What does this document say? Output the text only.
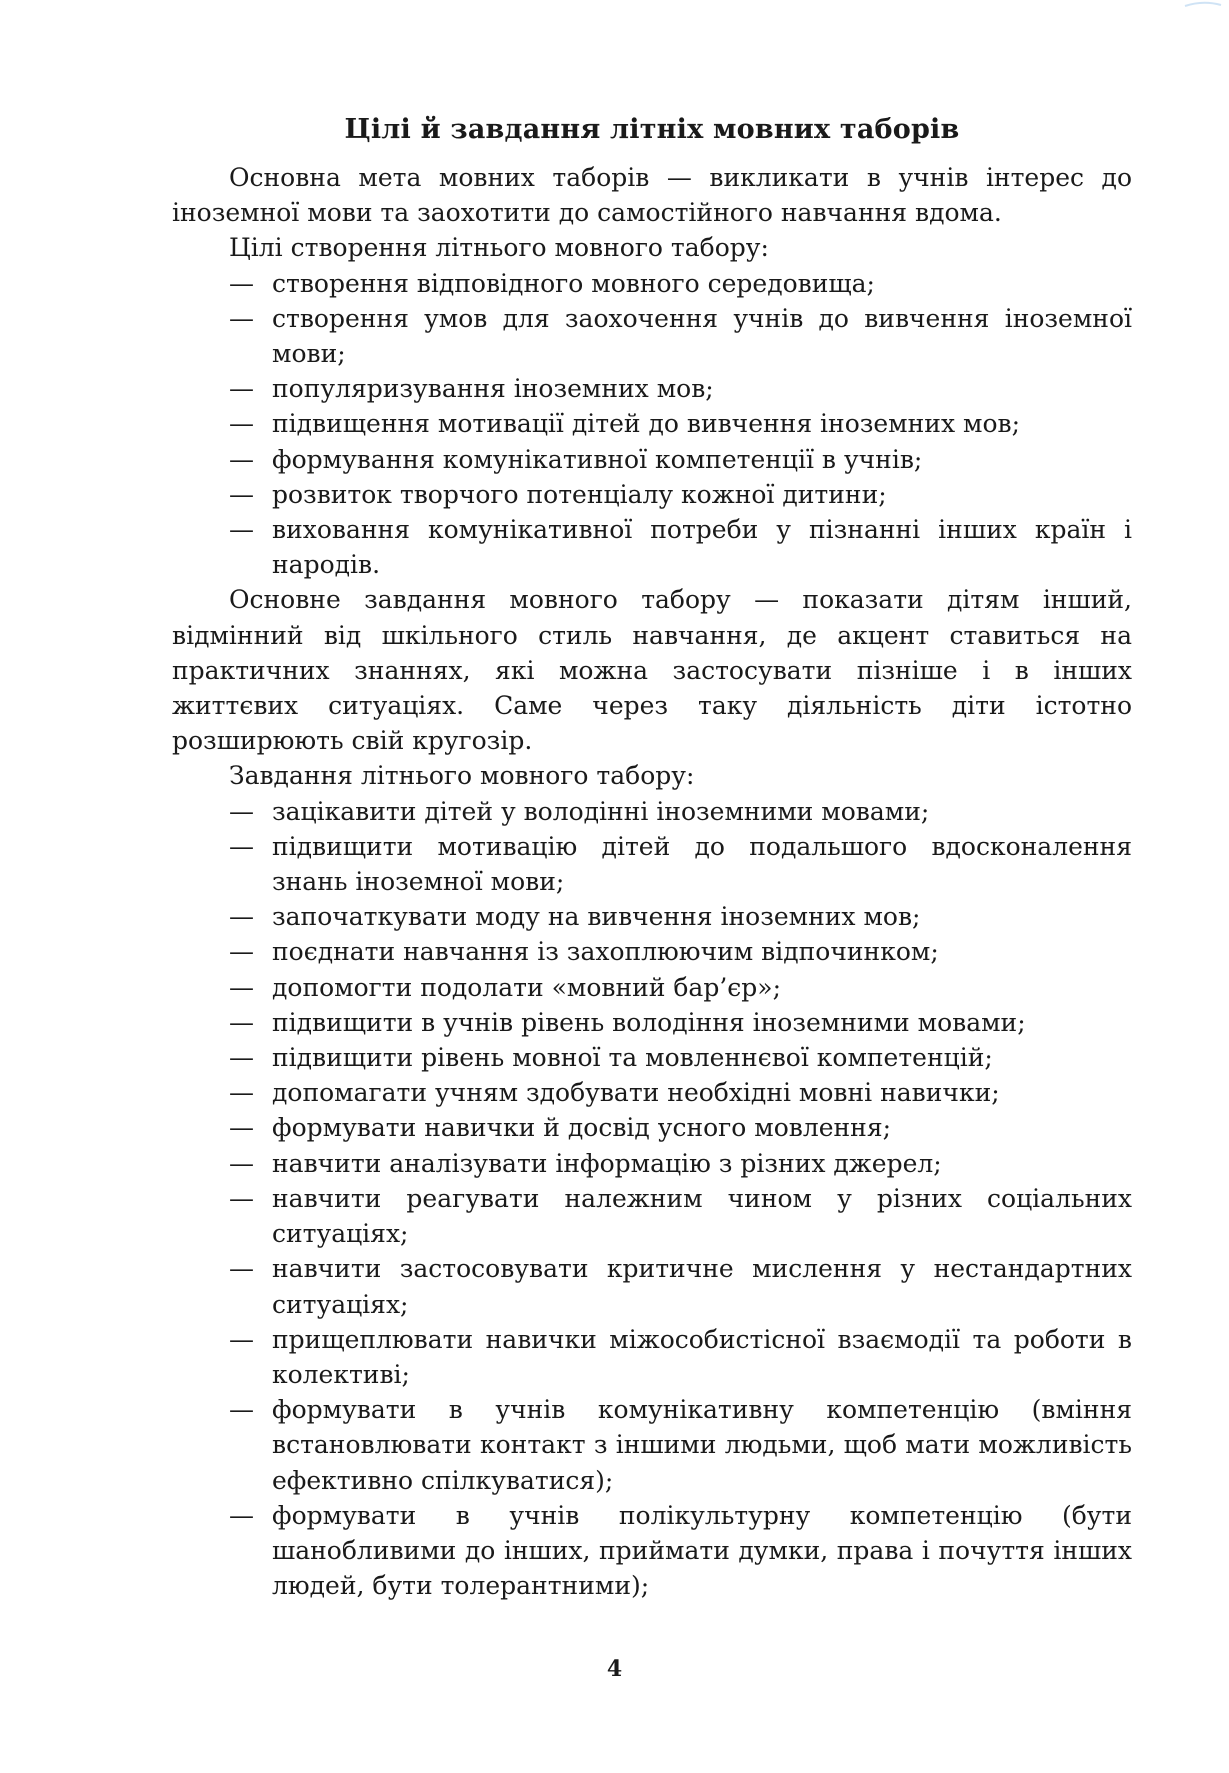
Цілі й завдання літніх мовних таборів

Основна мета мовних таборів — викликати в учнів інтерес до іноземної мови та заохотити до самостійного навчання вдома.

Цілі створення літнього мовного табору:

— створення відповідного мовного середовища;
— створення умов для заохочення учнів до вивчення іноземної мови;
— популяризування іноземних мов;
— підвищення мотивації дітей до вивчення іноземних мов;
— формування комунікативної компетенції в учнів;
— розвиток творчого потенціалу кожної дитини;
— виховання комунікативної потреби у пізнанні інших країн і народів.

Основне завдання мовного табору — показати дітям інший, відмінний від шкільного стиль навчання, де акцент ставиться на практичних знаннях, які можна застосувати пізніше і в інших життєвих ситуаціях. Саме через таку діяльність діти істотно розширюють свій кругозір.

Завдання літнього мовного табору:

— зацікавити дітей у володінні іноземними мовами;
— підвищити мотивацію дітей до подальшого вдосконалення знань іноземної мови;
— започаткувати моду на вивчення іноземних мов;
— поєднати навчання із захоплюючим відпочинком;
— допомогти подолати «мовний бар’єр»;
— підвищити в учнів рівень володіння іноземними мовами;
— підвищити рівень мовної та мовленнєвої компетенцій;
— допомагати учням здобувати необхідні мовні навички;
— формувати навички й досвід усного мовлення;
— навчити аналізувати інформацію з різних джерел;
— навчити реагувати належним чином у різних соціальних ситуаціях;
— навчити застосовувати критичне мислення у нестандартних ситуаціях;
— прищеплювати навички міжособистісної взаємодії та роботи в колективі;
— формувати в учнів комунікативну компетенцію (вміння встановлювати контакт з іншими людьми, щоб мати можливість ефективно спілкуватися);
— формувати в учнів полікультурну компетенцію (бути шанобливими до інших, приймати думки, права і почуття інших людей, бути толерантними);
4
